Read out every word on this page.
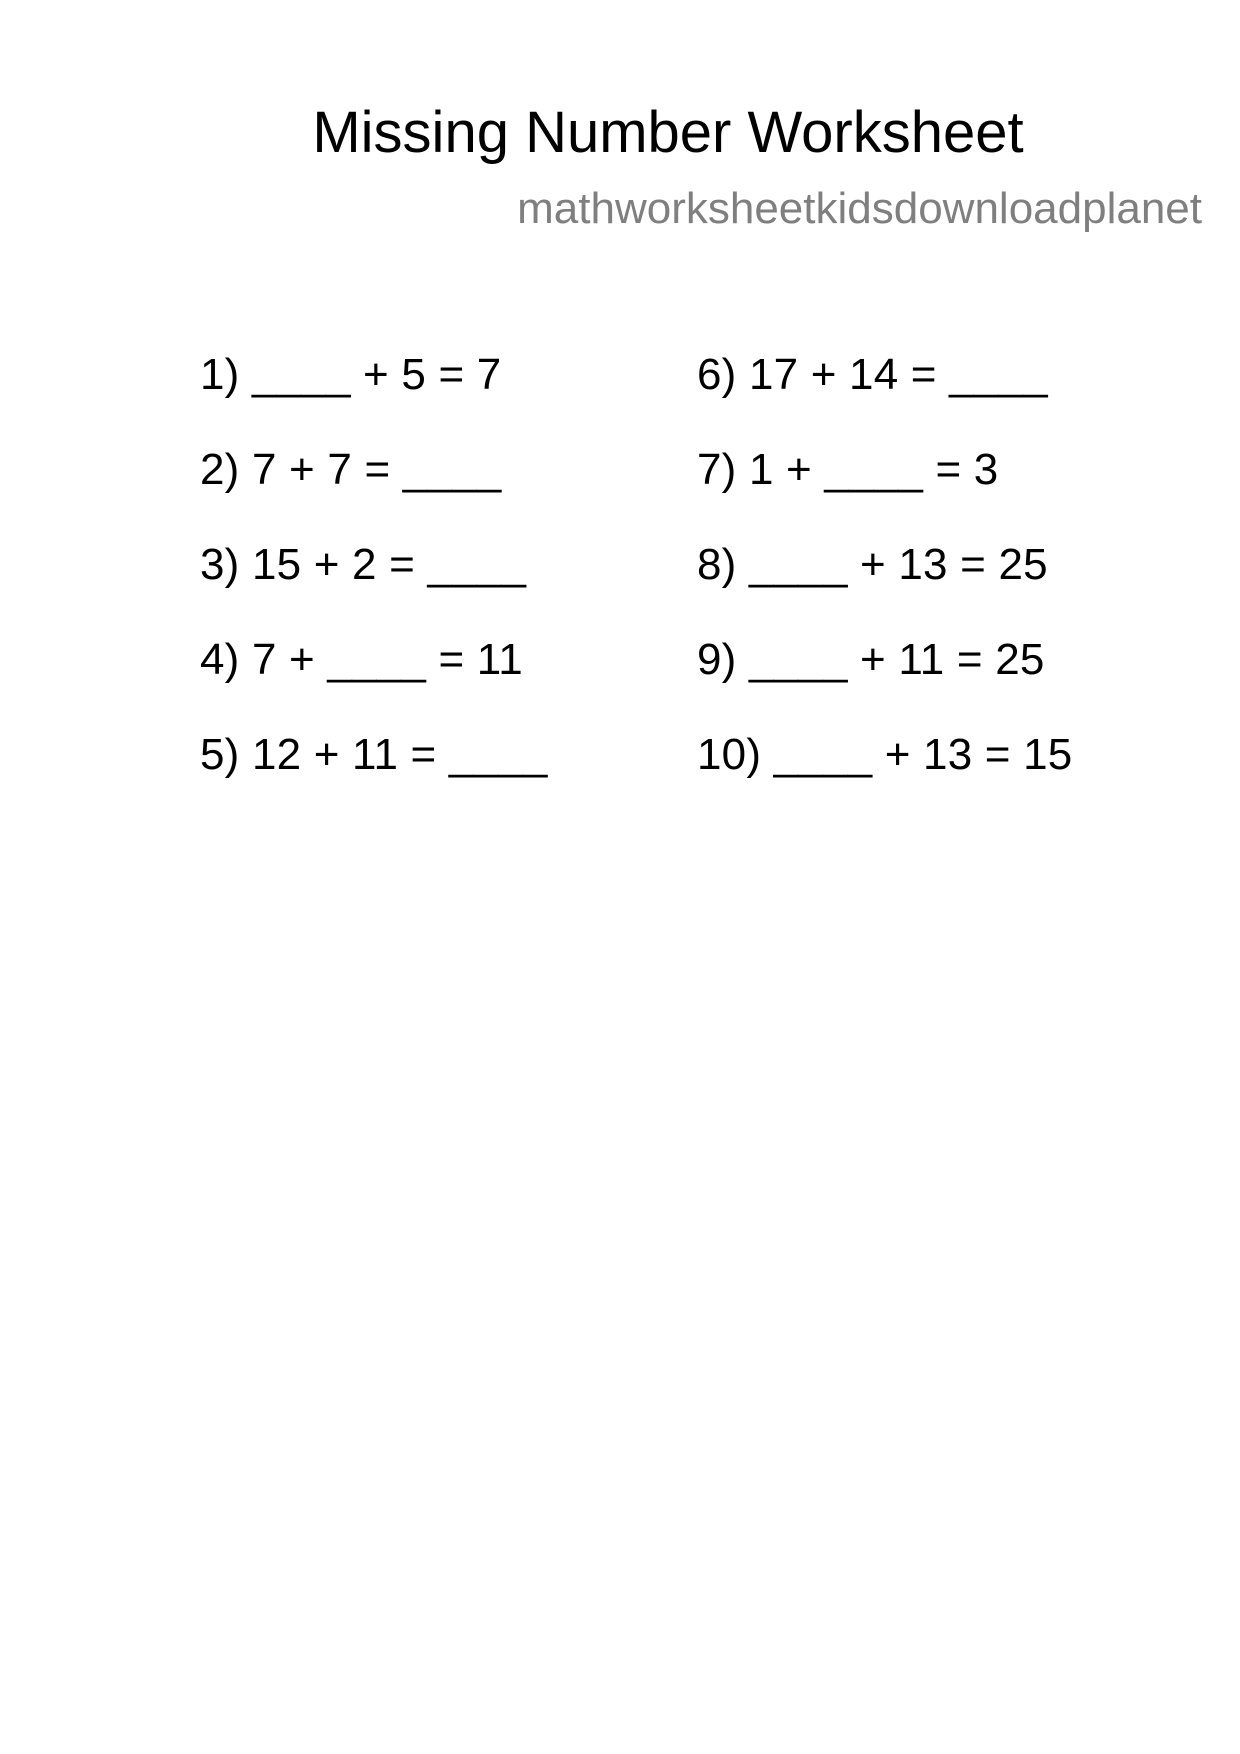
Missing Number Worksheet
mathworksheetkidsdownloadplanet
1) ____ + 5 = 7
2) 7 + 7 = ____
3) 15 + 2 = ____
4) 7 + ____ = 11
5) 12 + 11 = ____
6) 17 + 14 = ____
7) 1 + ____ = 3
8) ____ + 13 = 25
9) ____ + 11 = 25
10) ____ + 13 = 15
